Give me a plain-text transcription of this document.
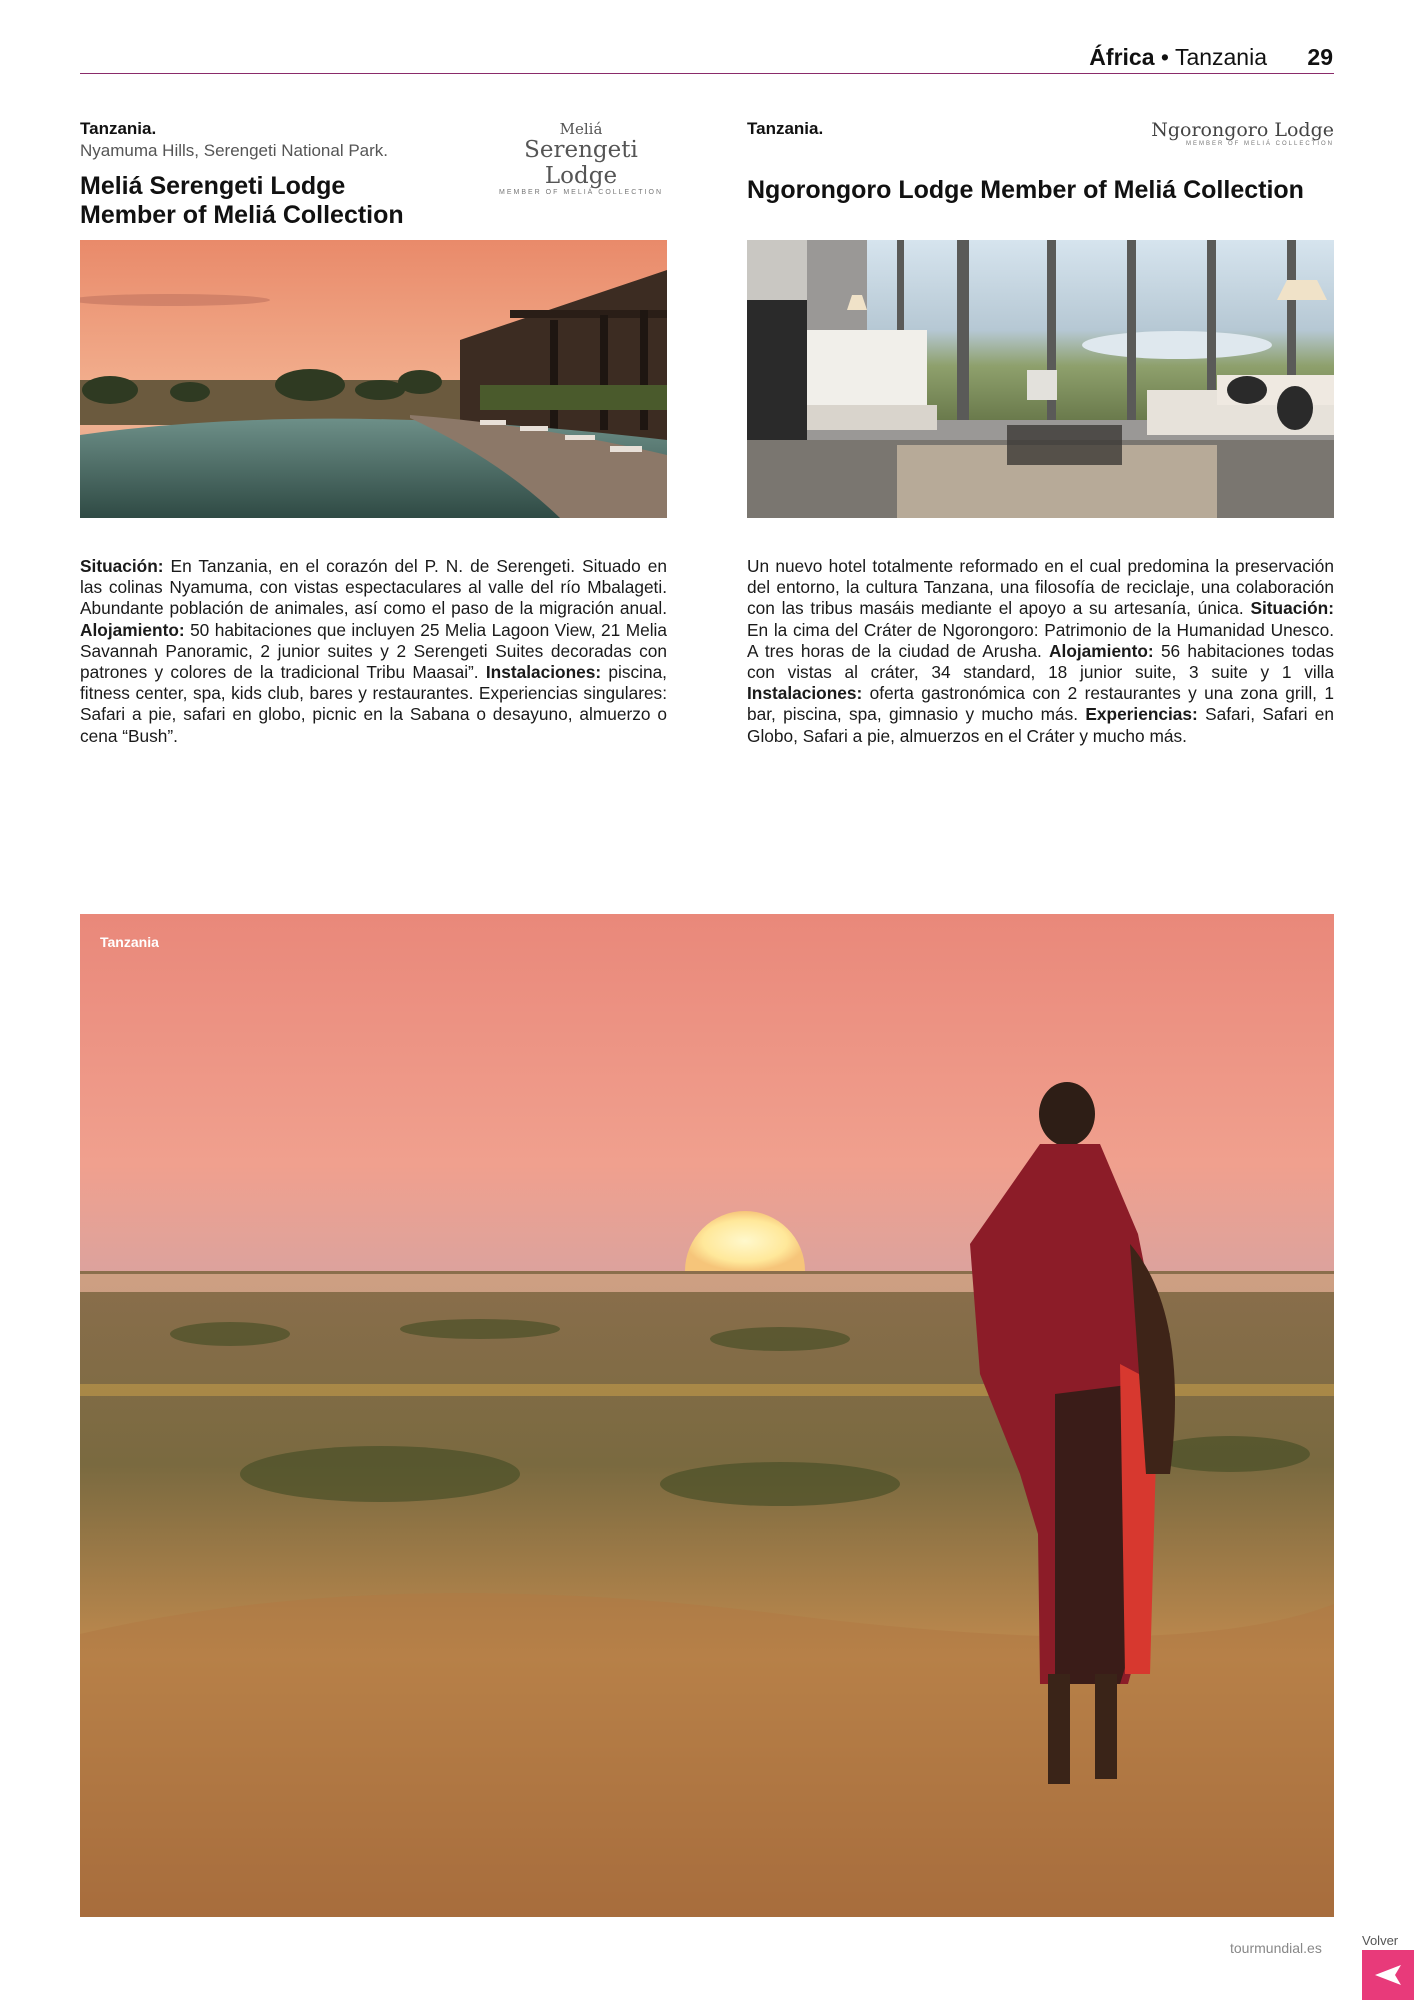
África • Tanzania 29
Tanzania.
Nyamuma Hills, Serengeti National Park.
Meliá Serengeti Lodge
Member of Meliá Collection
Meliá
Serengeti Lodge
MEMBER OF MELIÁ COLLECTION
Situación: En Tanzania, en el corazón del P. N. de Serengeti. Situado en las colinas Nyamuma, con vistas espectaculares al valle del río Mbalageti. Abundante población de animales, así como el paso de la migración anual. Alojamiento: 50 habitaciones que incluyen 25 Melia Lagoon View, 21 Melia Savannah Panoramic, 2 junior suites y 2 Serengeti Suites decoradas con patrones y colores de la tradicional Tribu Maasai”. Instalaciones: piscina, fitness center, spa, kids club, bares y restaurantes. Experiencias singulares: Safari a pie, safari en globo, picnic en la Sabana o desayuno, almuerzo o cena “Bush”.
Tanzania.
Ngorongoro Lodge Member of Meliá Collection
Ngorongoro Lodge
MEMBER OF MELIÁ COLLECTION
Un nuevo hotel totalmente reformado en el cual predomina la preservación del entorno, la cultura Tanzana, una filosofía de reciclaje, una colaboración con las tribus masáis mediante el apoyo a su artesanía, única. Situación: En la cima del Cráter de Ngorongoro: Patrimonio de la Humanidad Unesco. A tres horas de la ciudad de Arusha. Alojamiento: 56 habitaciones todas con vistas al cráter, 34 standard, 18 junior suite, 3 suite y 1 villa Instalaciones: oferta gastronómica con 2 restaurantes y una zona grill, 1 bar, piscina, spa, gimnasio y mucho más. Experiencias: Safari, Safari en Globo, Safari a pie, almuerzos en el Cráter y mucho más.
Tanzania
tourmundial.es	Volver
